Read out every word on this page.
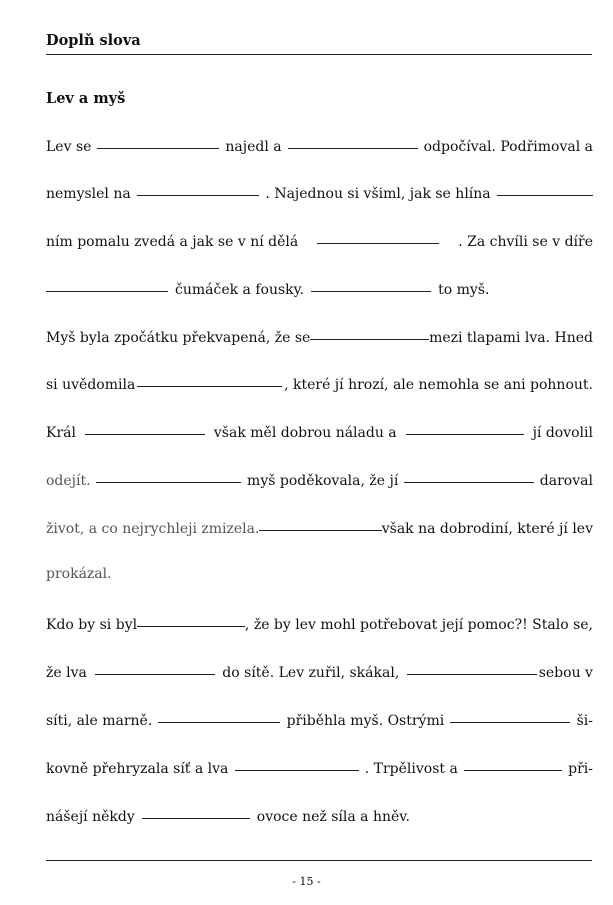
Doplň slova
Lev a myš
Lev se	najedl a	odpočíval. Podřimoval a
nemyslel na	. Najednou si všiml, jak se hlína
ním pomalu zvedá a jak se v ní dělá	. Za chvíli se v díře
čumáček a fousky.	to myš.
Myš byla zpočátku překvapená, že se	mezi tlapami lva. Hned
si uvědomila	, které jí hrozí, ale nemohla se ani pohnout.
Král	však měl dobrou náladu a	jí dovolil
odejít.	myš poděkovala, že jí	daroval
život, a co nejrychleji zmizela.	však na dobrodiní, které jí lev
prokázal.
Kdo by si byl	, že by lev mohl potřebovat její pomoc?! Stalo se,
že lva	do sítě. Lev zuřil, skákal,	sebou v
síti, ale marně.	přiběhla myš. Ostrými	ši-
kovně přehryzala síť a lva	. Trpělivost a	při-
nášejí někdy	ovoce než síla a hněv.
- 15 -
